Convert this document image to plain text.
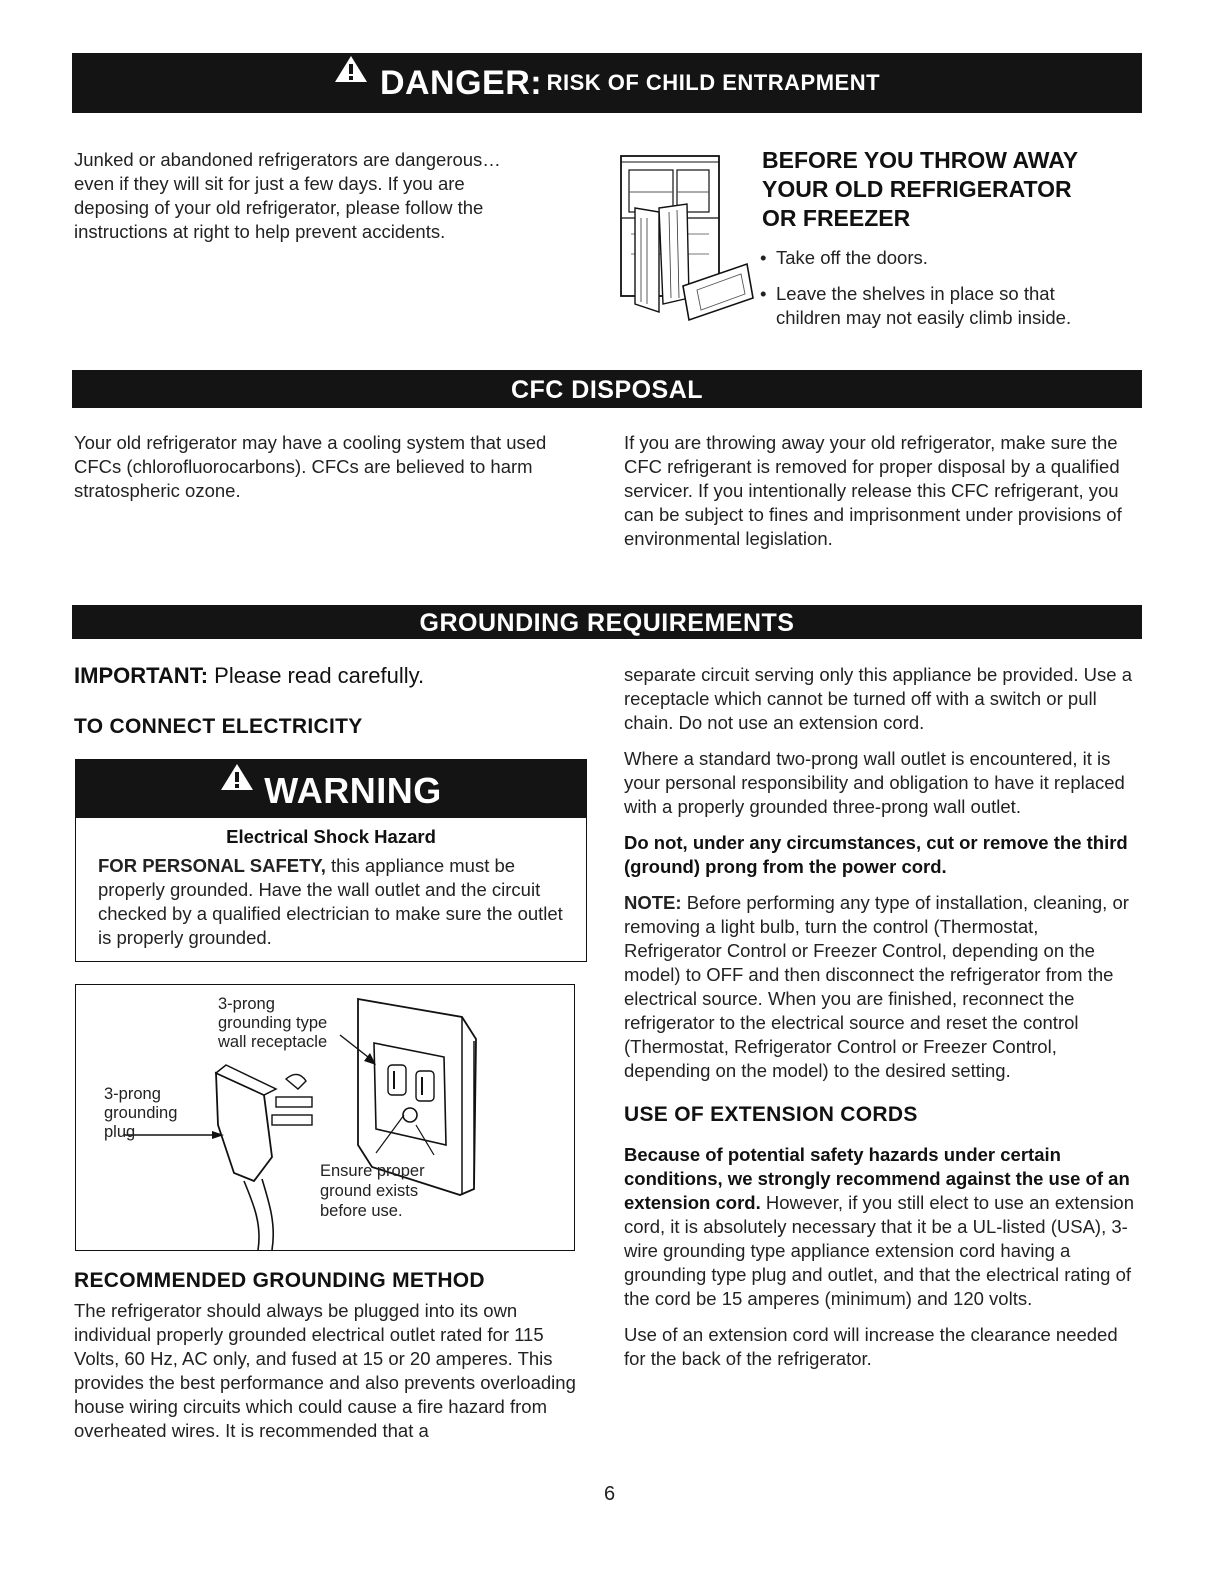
DANGER: RISK OF CHILD ENTRAPMENT

Junked or abandoned refrigerators are dangerous… even if they will sit for just a few days. If you are deposing of your old refrigerator, please follow the instructions at right to help prevent accidents.

BEFORE YOU THROW AWAY
YOUR OLD REFRIGERATOR
OR FREEZER
• Take off the doors.
• Leave the shelves in place so that children may not easily climb inside.
CFC DISPOSAL

Your old refrigerator may have a cooling system that used CFCs (chlorofluorocarbons). CFCs are believed to harm stratospheric ozone.

If you are throwing away your old refrigerator, make sure the CFC refrigerant is removed for proper disposal by a qualified servicer. If you intentionally release this CFC refrigerant, you can be subject to fines and imprisonment under provisions of environmental legislation.

GROUNDING REQUIREMENTS
IMPORTANT: Please read carefully.
TO CONNECT ELECTRICITY
WARNING
Electrical Shock Hazard

FOR PERSONAL SAFETY, this appliance must be properly grounded. Have the wall outlet and the circuit checked by a qualified electrician to make sure the outlet is properly grounded.

3-prong
grounding type
wall receptacle
3-prong
grounding
plug
Ensure proper
ground exists
before use.
RECOMMENDED GROUNDING METHOD

The refrigerator should always be plugged into its own individual properly grounded electrical outlet rated for 115 Volts, 60 Hz, AC only, and fused at 15 or 20 amperes. This provides the best performance and also prevents overloading house wiring circuits which could cause a fire hazard from overheated wires. It is recommended that a

separate circuit serving only this appliance be provided. Use a receptacle which cannot be turned off with a switch or pull chain. Do not use an extension cord.

Where a standard two-prong wall outlet is encountered, it is your personal responsibility and obligation to have it replaced with a properly grounded three-prong wall outlet.

Do not, under any circumstances, cut or remove the third (ground) prong from the power cord.

NOTE: Before performing any type of installation, cleaning, or removing a light bulb, turn the control (Thermostat, Refrigerator Control or Freezer Control, depending on the model) to OFF and then disconnect the refrigerator from the electrical source. When you are finished, reconnect the refrigerator to the electrical source and reset the control (Thermostat, Refrigerator Control or Freezer Control, depending on the model) to the desired setting.

USE OF EXTENSION CORDS

Because of potential safety hazards under certain conditions, we strongly recommend against the use of an extension cord. However, if you still elect to use an extension cord, it is absolutely necessary that it be a UL-listed (USA), 3-wire grounding type appliance extension cord having a grounding type plug and outlet, and that the electrical rating of the cord be 15 amperes (minimum) and 120 volts.

Use of an extension cord will increase the clearance needed for the back of the refrigerator.

6
